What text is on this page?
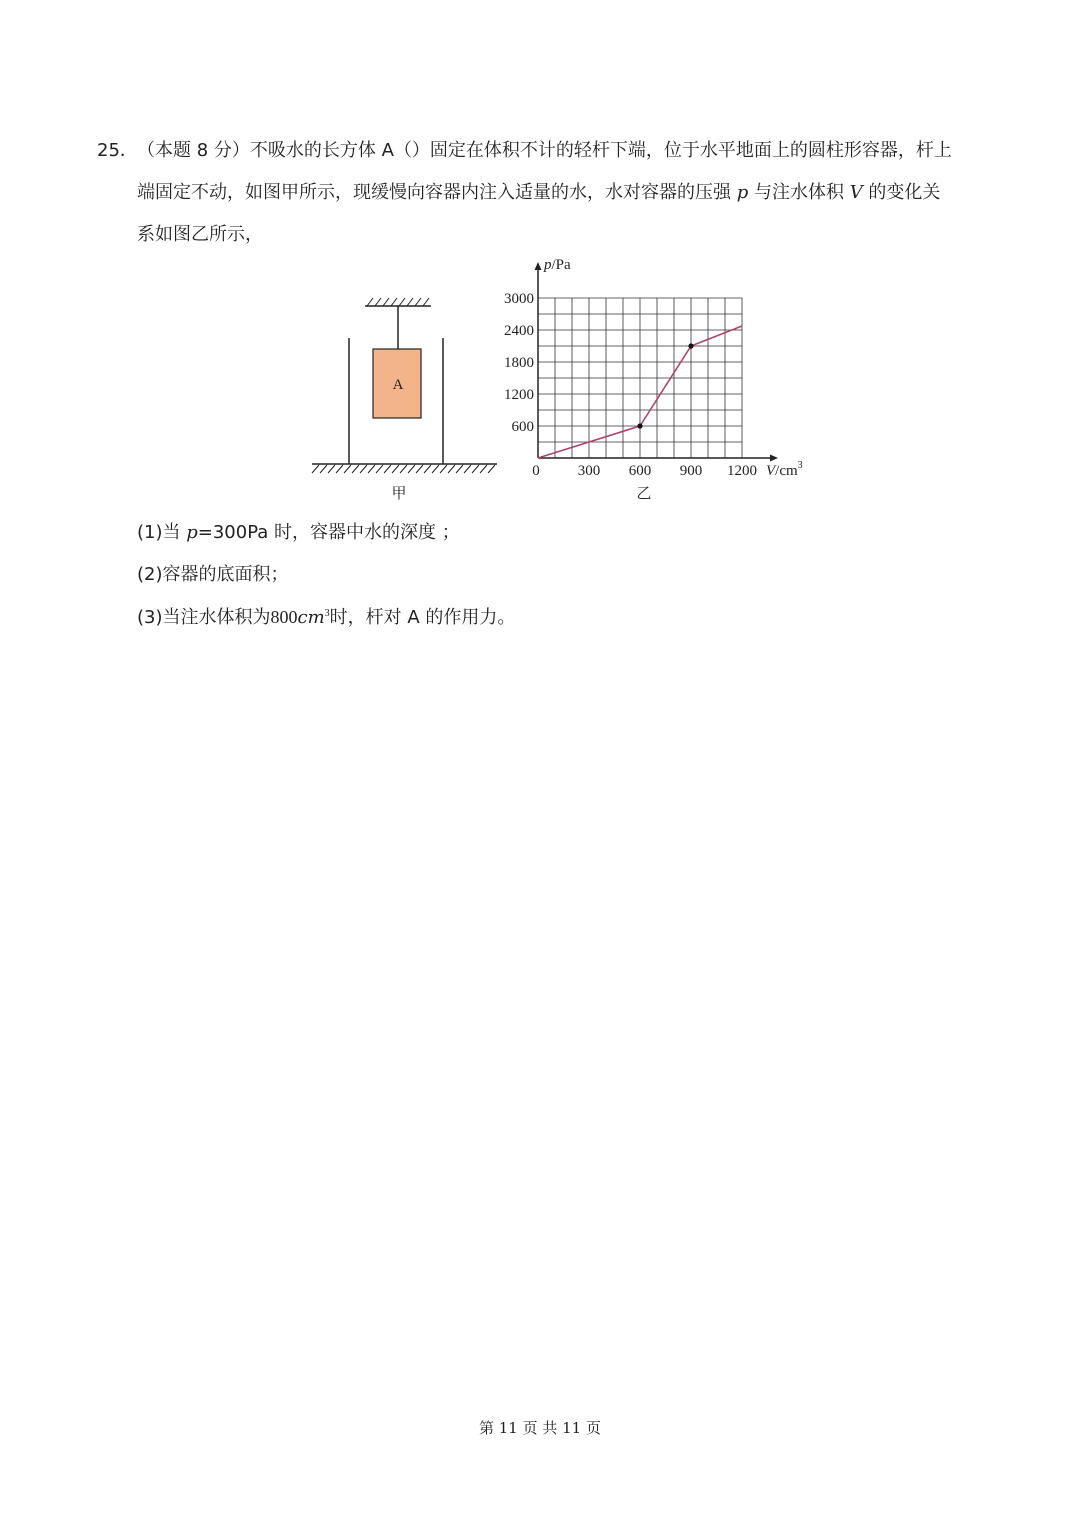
25．（本题 8 分）不吸水的长方体 A（）固定在体积不计的轻杆下端，位于水平地面上的圆柱形容器，杆上
端固定不动，如图甲所示，现缓慢向容器内注入适量的水，水对容器的压强 p 与注水体积 V 的变化关
系如图乙所示，
A
甲
600
1200
1800
2400
3000
300 600 900 1200
0
p/Pa
$V/cm^3$
乙
(1)当 p=300Pa 时，容器中水的深度 ；
(2)容器的底面积；
(3)当注水体积为$800cm^3$时，杆对 A 的作用力。
第 11 页 共 11 页
